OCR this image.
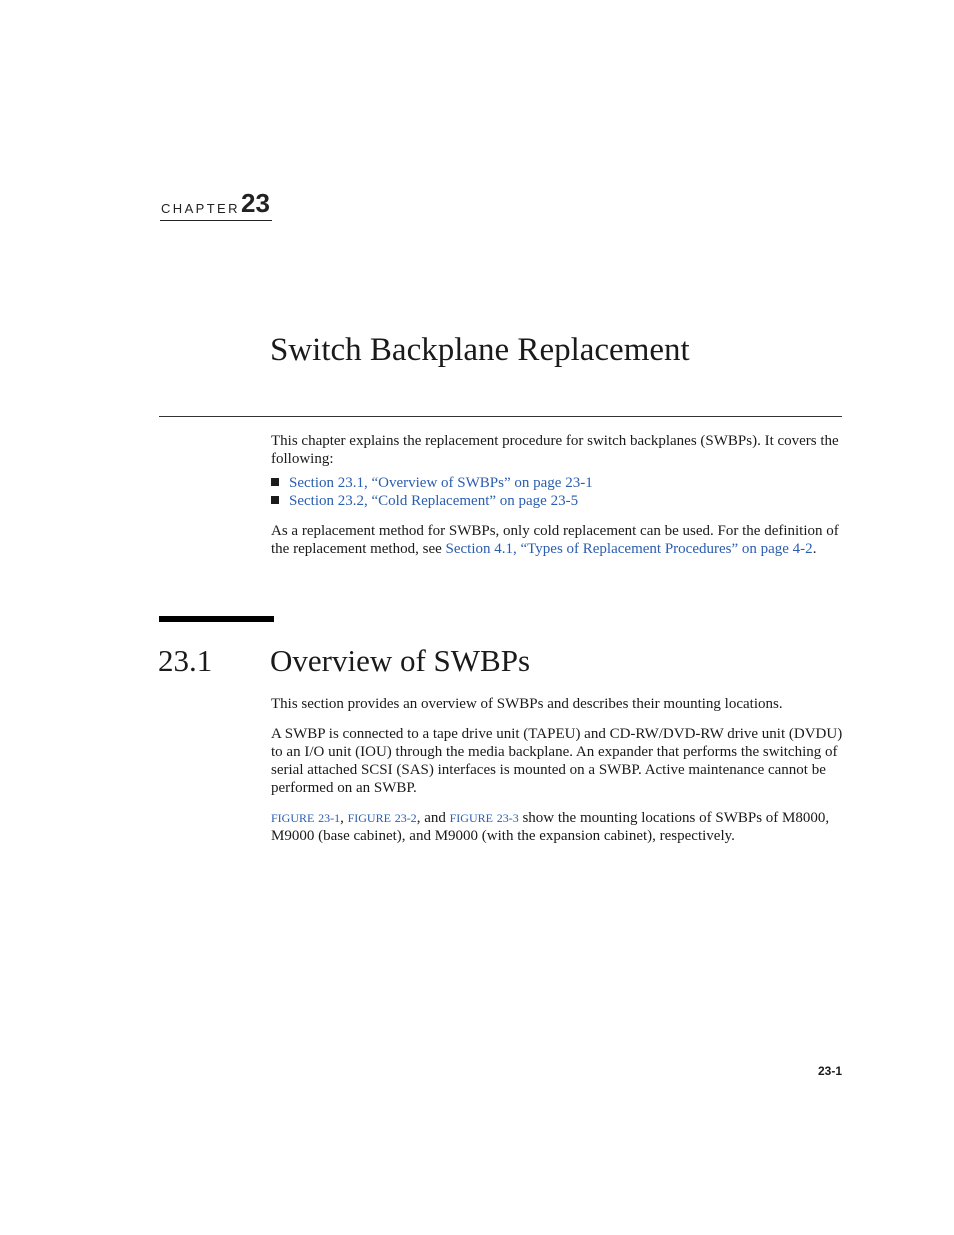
CHAPTER 23
Switch Backplane Replacement
This chapter explains the replacement procedure for switch backplanes (SWBPs). It covers the following:
Section 23.1, “Overview of SWBPs” on page 23-1
Section 23.2, “Cold Replacement” on page 23-5
As a replacement method for SWBPs, only cold replacement can be used. For the definition of the replacement method, see Section 4.1, “Types of Replacement Procedures” on page 4-2.
23.1 Overview of SWBPs
This section provides an overview of SWBPs and describes their mounting locations.
A SWBP is connected to a tape drive unit (TAPEU) and CD-RW/DVD-RW drive unit (DVDU) to an I/O unit (IOU) through the media backplane. An expander that performs the switching of serial attached SCSI (SAS) interfaces is mounted on a SWBP. Active maintenance cannot be performed on an SWBP.
FIGURE 23-1, FIGURE 23-2, and FIGURE 23-3 show the mounting locations of SWBPs of M8000, M9000 (base cabinet), and M9000 (with the expansion cabinet), respectively.
23-1
